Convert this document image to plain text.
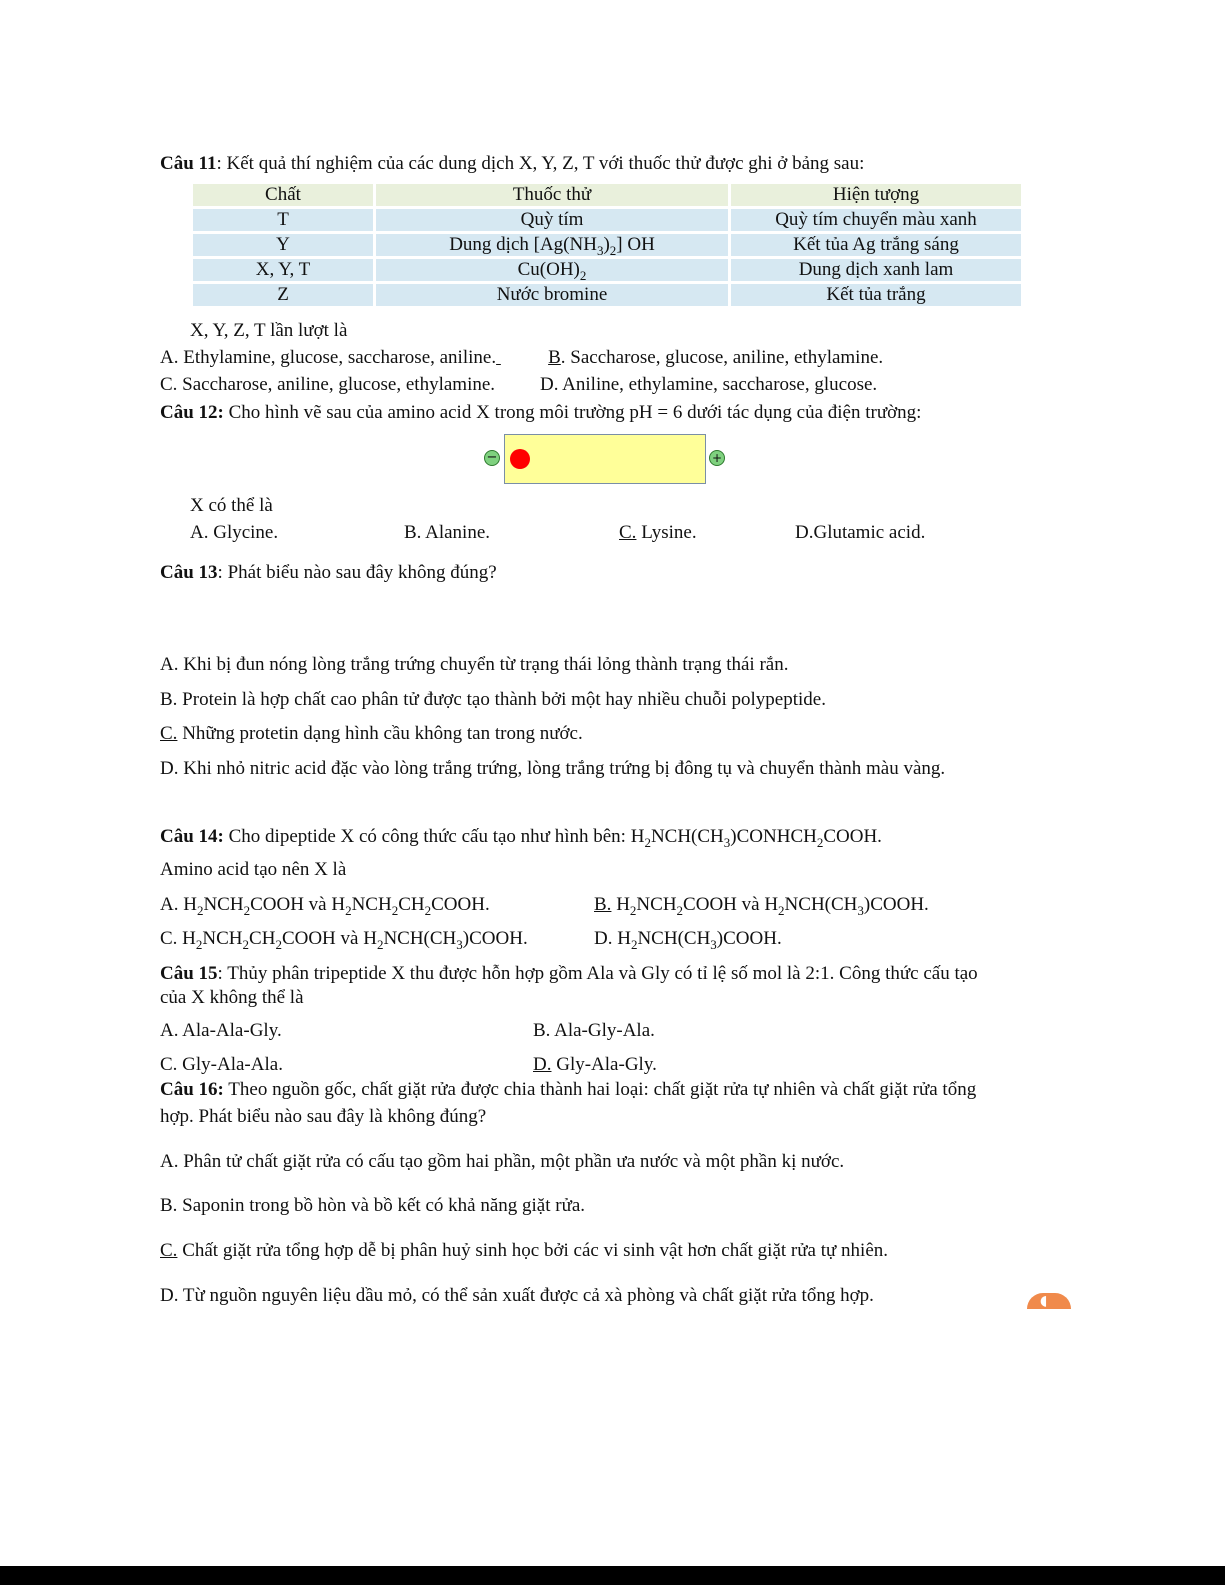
Câu 11: Kết quả thí nghiệm của các dung dịch X, Y, Z, T với thuốc thử được ghi ở bảng sau:
Chất	Thuốc thử	Hiện tượng
T	Quỳ tím	Quỳ tím chuyển màu xanh
Y	Dung dịch $[Ag(NH_3)_2]$ OH	Kết tủa Ag trắng sáng
X, Y, T	$Cu(OH)_2$	Dung dịch xanh lam
Z	Nước bromine	Kết tủa trắng
X, Y, Z, T lần lượt là
A. Ethylamine, glucose, saccharose, aniline.	B. Saccharose, glucose, aniline, ethylamine.
C. Saccharose, aniline, glucose, ethylamine. D. Aniline, ethylamine, saccharose, glucose.
Câu 12: Cho hình vẽ sau của amino acid X trong môi trường pH = 6 dưới tác dụng của điện trường:
−	+
X có thể là
A. Glycine.	B. Alanine.	C. Lysine.	D.Glutamic acid.
Câu 13: Phát biểu nào sau đây không đúng?
A. Khi bị đun nóng lòng trắng trứng chuyển từ trạng thái lỏng thành trạng thái rắn.
B. Protein là hợp chất cao phân tử được tạo thành bởi một hay nhiều chuỗi polypeptide.
C. Những protetin dạng hình cầu không tan trong nước.
D. Khi nhỏ nitric acid đặc vào lòng trắng trứng, lòng trắng trứng bị đông tụ và chuyển thành màu vàng.
Câu 14: Cho dipeptide X có công thức cấu tạo như hình bên: $H_2NCH(CH_3)CONHCH_2COOH$.
Amino acid tạo nên X là
A. $H_2NCH_2COOH$ và $H_2NCH_2CH_2COOH$.	B. $H_2NCH_2COOH$ và $H_2NCH(CH_3)COOH$.
C. $H_2NCH_2CH_2COOH$ và $H_2NCH(CH_3)COOH$.	D. $H_2NCH(CH_3)COOH$.
Câu 15: Thủy phân tripeptide X thu được hỗn hợp gồm Ala và Gly có tỉ lệ số mol là 2:1. Công thức cấu tạo
của X không thể là
A. Ala-Ala-Gly.	B. Ala-Gly-Ala.
C. Gly-Ala-Ala.	D. Gly-Ala-Gly.
Câu 16: Theo nguồn gốc, chất giặt rửa được chia thành hai loại: chất giặt rửa tự nhiên và chất giặt rửa tổng
hợp. Phát biểu nào sau đây là không đúng?
A. Phân tử chất giặt rửa có cấu tạo gồm hai phần, một phần ưa nước và một phần kị nước.
B. Saponin trong bồ hòn và bồ kết có khả năng giặt rửa.
C. Chất giặt rửa tổng hợp dễ bị phân huỷ sinh học bởi các vi sinh vật hơn chất giặt rửa tự nhiên.
D. Từ nguồn nguyên liệu dầu mỏ, có thể sản xuất được cả xà phòng và chất giặt rửa tổng hợp.	◖
